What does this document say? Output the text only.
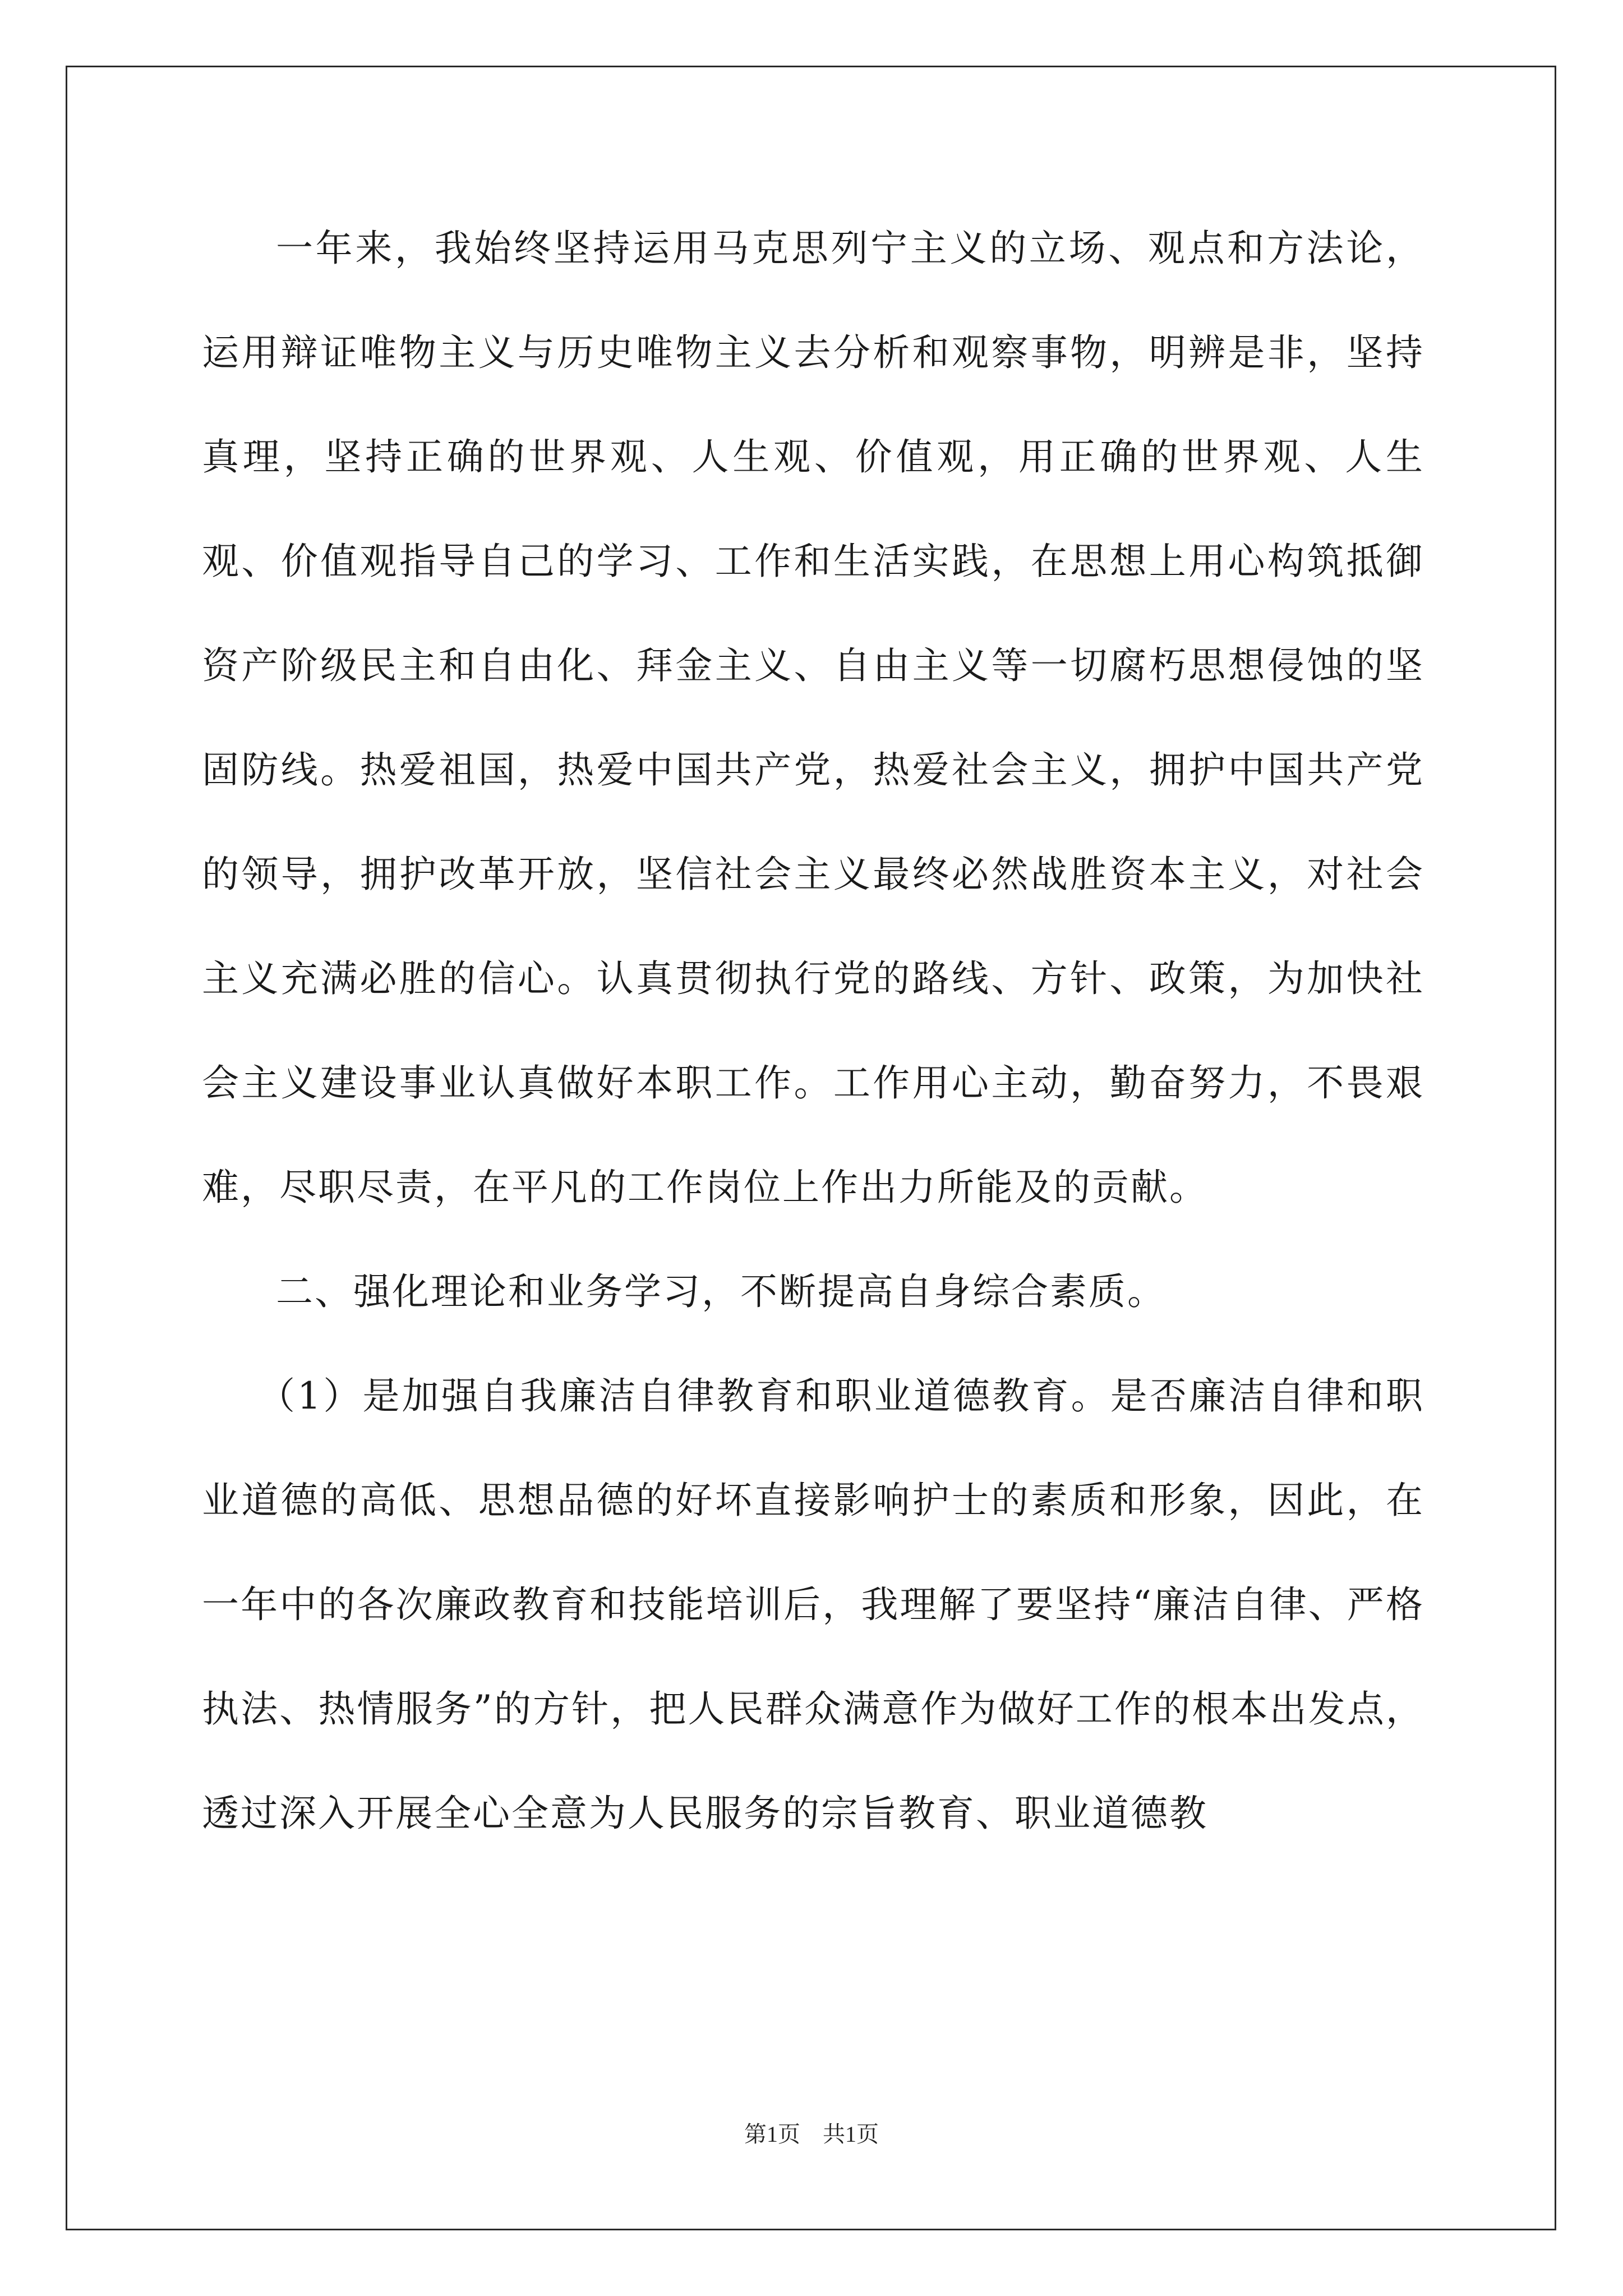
一年来，我始终坚持运用马克思列宁主义的立场、观点和方法论，运用辩证唯物主义与历史唯物主义去分析和观察事物，明辨是非，坚持真理，坚持正确的世界观、人生观、价值观，用正确的世界观、人生观、价值观指导自己的学习、工作和生活实践，在思想上用心构筑抵御资产阶级民主和自由化、拜金主义、自由主义等一切腐朽思想侵蚀的坚固防线。热爱祖国，热爱中国共产党，热爱社会主义，拥护中国共产党的领导，拥护改革开放，坚信社会主义最终必然战胜资本主义，对社会主义充满必胜的信心。认真贯彻执行党的路线、方针、政策，为加快社会主义建设事业认真做好本职工作。工作用心主动，勤奋努力，不畏艰难，尽职尽责，在平凡的工作岗位上作出力所能及的贡献。

二、强化理论和业务学习，不断提高自身综合素质。

（1）是加强自我廉洁自律教育和职业道德教育。是否廉洁自律和职业道德的高低、思想品德的好坏直接影响护士的素质和形象，因此，在一年中的各次廉政教育和技能培训后，我理解了要坚持“廉洁自律、严格执法、热情服务”的方针，把人民群众满意作为做好工作的根本出发点，透过深入开展全心全意为人民服务的宗旨教育、职业道德教

第1页　共1页
